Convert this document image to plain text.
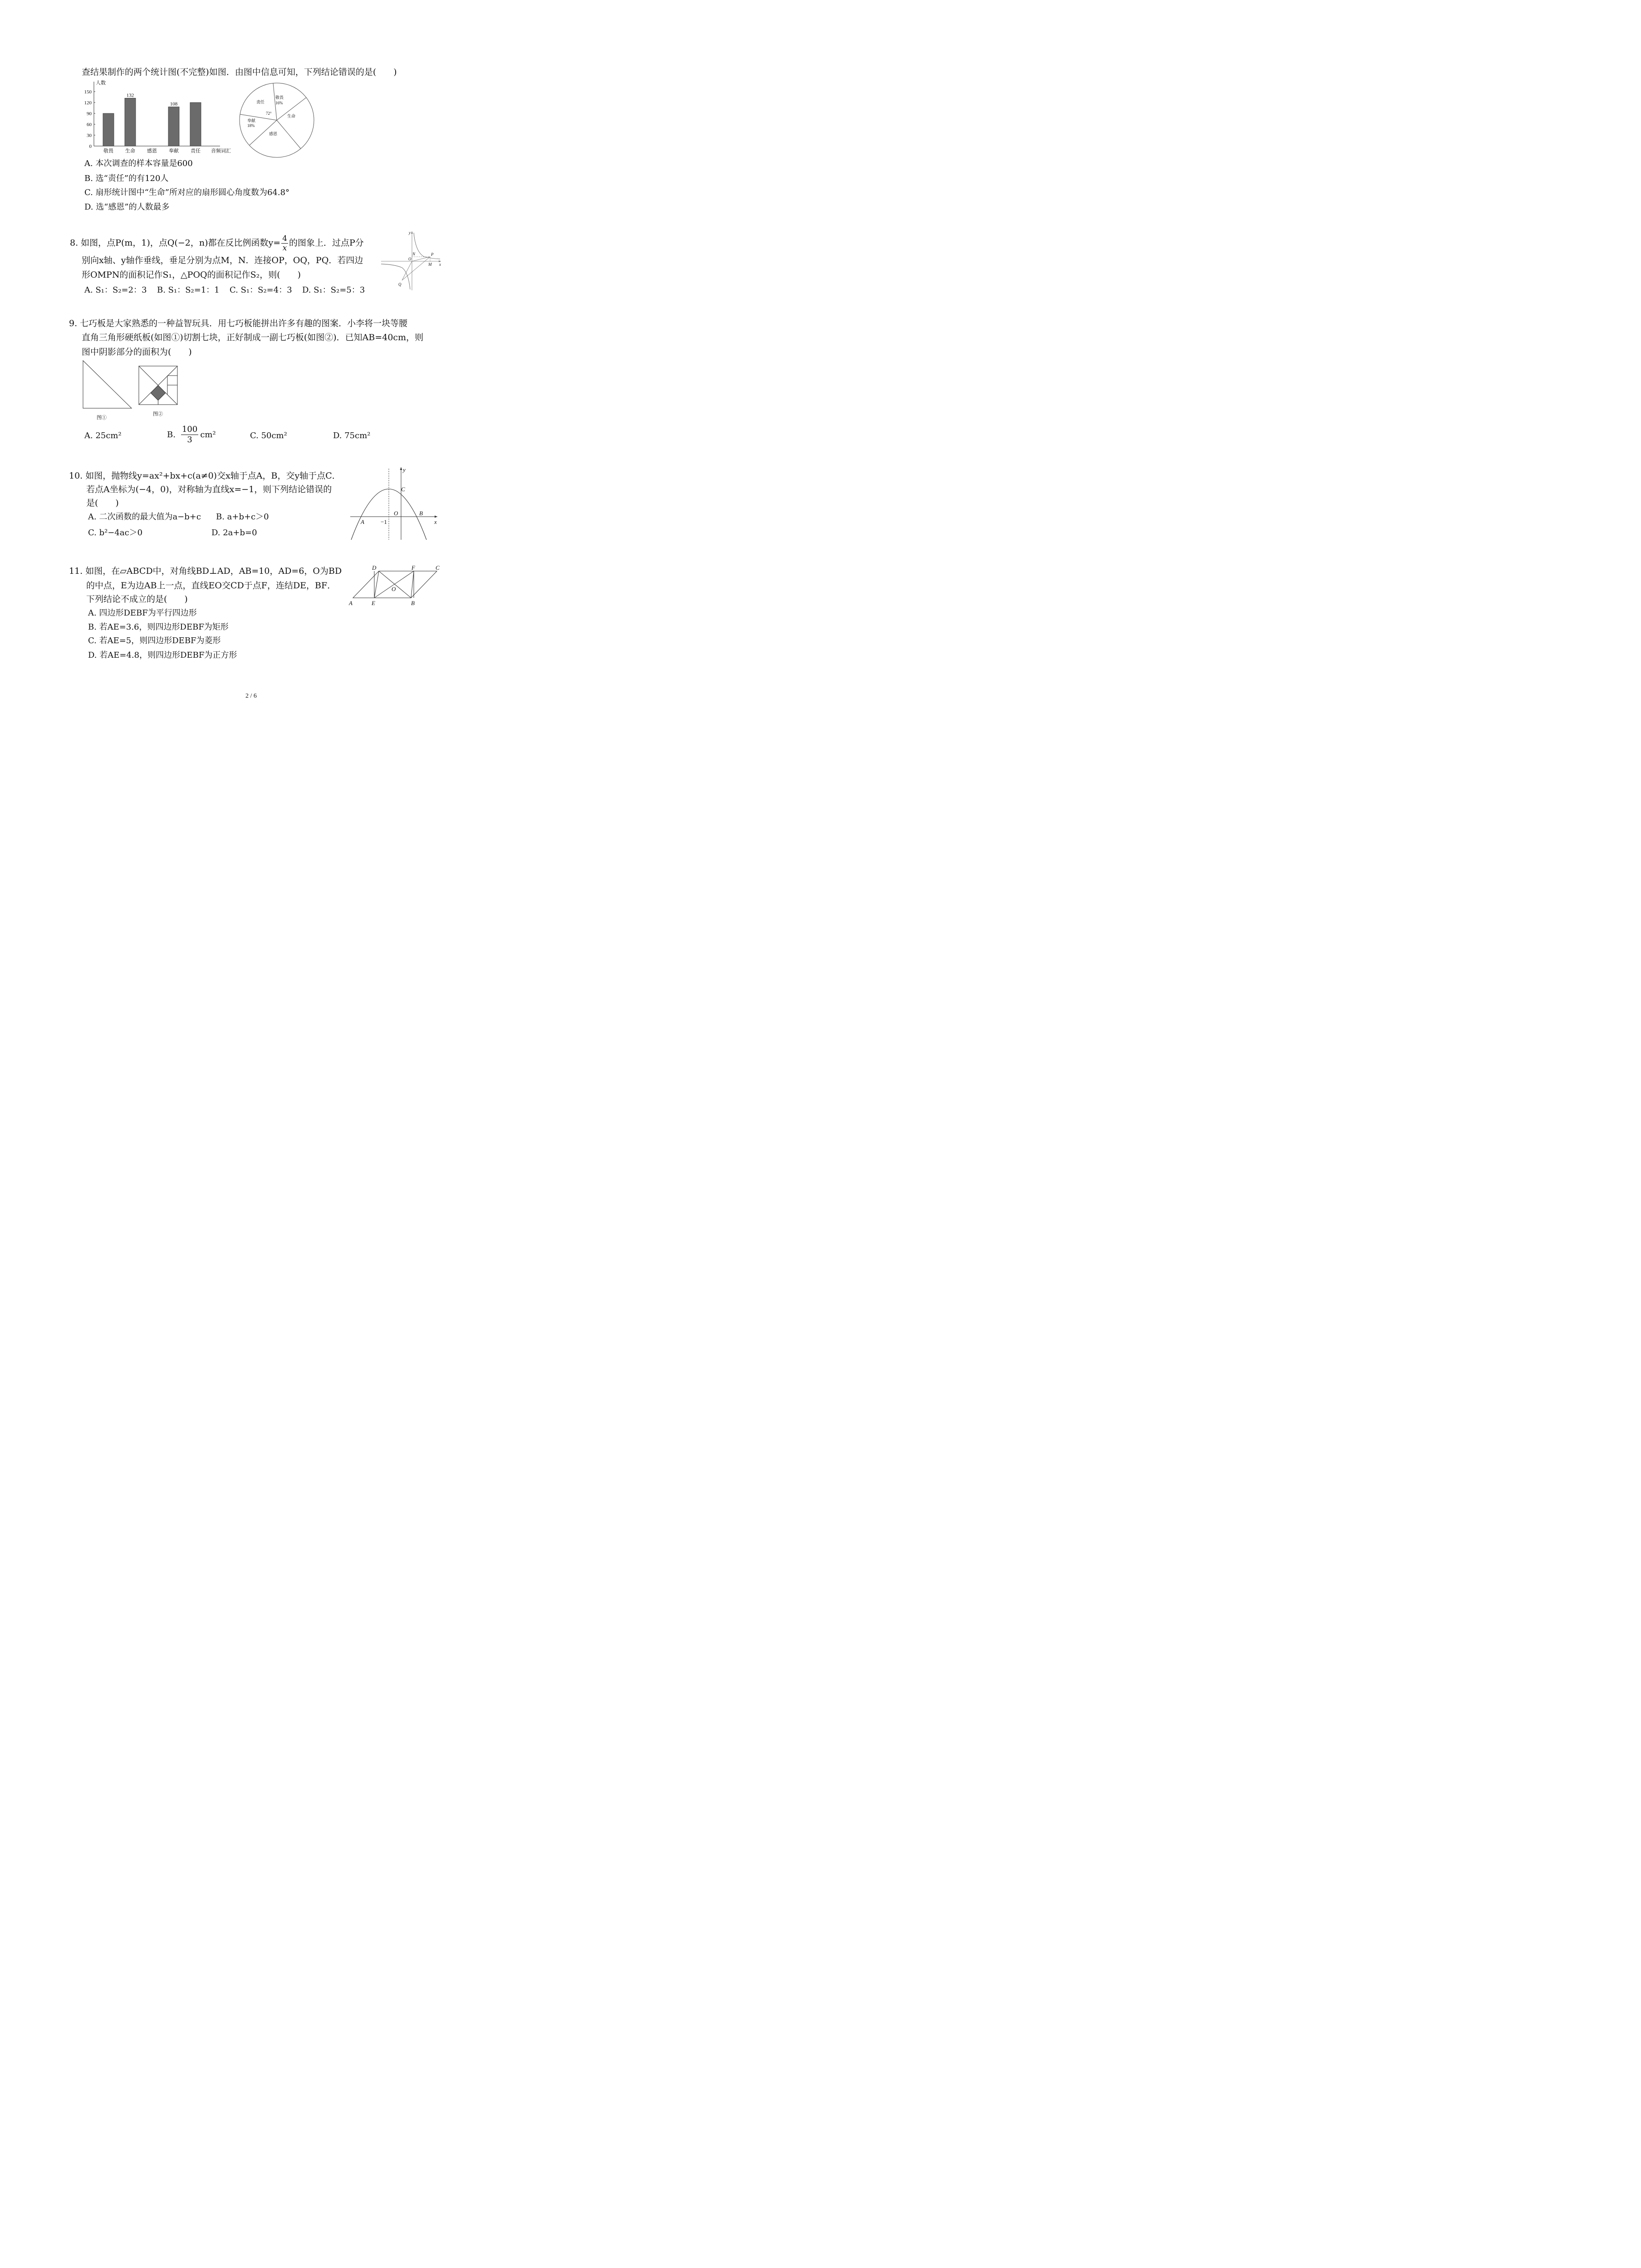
查结果制作的两个统计图(不完整)如图．由图中信息可知，下列结论错误的是(　　)
人数
音频词汇
0
30
60
90
120
150
敬畏
132
生命 感恩
108
奉献 责任
责任
敬畏
16%
生命
感恩
奉献
18%
72°
A. 本次调查的样本容量是600
B. 选“责任”的有120人
C. 扇形统计图中“生命”所对应的扇形圆心角度数为64.8°
D. 选“感恩”的人数最多
8. 如图，点P(m，1)，点Q(−2，n)都在反比例函数$y= \frac{4}{x}$ 的图象上．过点P分
别向x轴、y轴作垂线，垂足分别为点M，N．连接OP，OQ，PQ．若四边
形OMPN的面积记作S₁，△POQ的面积记作S₂，则(　　)
A. S₁：S₂=2：3 B. S₁：S₂=1：1 C. S₁：S₂=4：3 D. S₁：S₂=5：3
y
x
O
N	P
M
Q
9. 七巧板是大家熟悉的一种益智玩具．用七巧板能拼出许多有趣的图案．小李将一块等腰
直角三角形硬纸板(如图①)切割七块，正好制成一副七巧板(如图②)．已知AB=40cm，则
图中阴影部分的面积为(　　)
图①
图②
A. 25cm²	B. $\frac{100}{3} cm^2$	C. 50cm²	D. 75cm²
10. 如图，抛物线y=ax²+bx+c(a≠0)交x轴于点A，B，交y轴于点C．
若点A坐标为(−4，0)，对称轴为直线x=−1，则下列结论错误的
是(　　)
A. 二次函数的最大值为a−b+c B. a+b+c＞0
C. b²−4ac＞0	D. 2a+b=0
y
x
C
O	B
A	−1
11. 如图，在▱ABCD中，对角线BD⊥AD，AB=10，AD=6，O为BD
的中点，E为边AB上一点，直线EO交CD于点F，连结DE，BF．
下列结论不成立的是(　　)
A. 四边形DEBF为平行四边形
B. 若AE=3.6，则四边形DEBF为矩形
C. 若AE=5，则四边形DEBF为菱形
D. 若AE=4.8，则四边形DEBF为正方形
D	F	C
O
A	E	B
2 / 6
